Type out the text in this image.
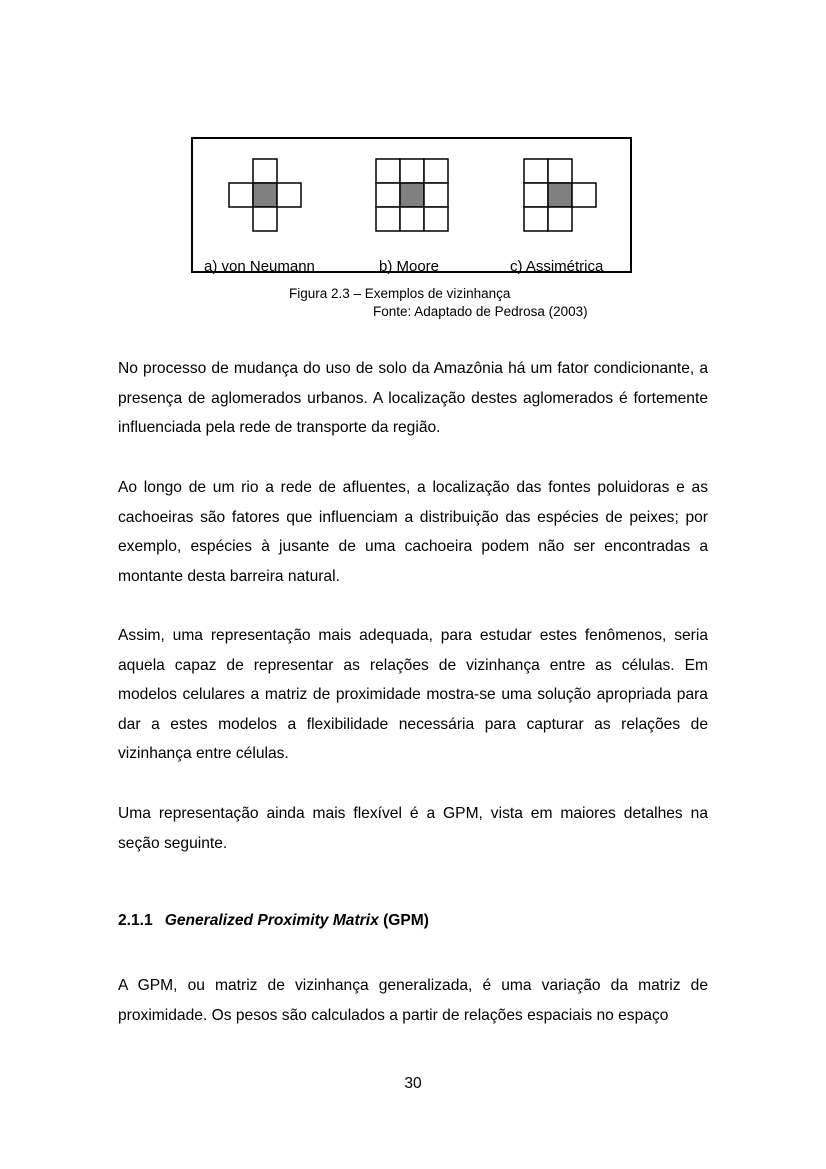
a) von Neumann	b) Moore	c) Assimétrica
Figura 2.3 – Exemplos de vizinhança
Fonte: Adaptado de Pedrosa (2003)

No processo de mudança do uso de solo da Amazônia há um fator condicionante, a presença de aglomerados urbanos. A localização destes aglomerados é fortemente influenciada pela rede de transporte da região.

Ao longo de um rio a rede de afluentes, a localização das fontes poluidoras e as cachoeiras são fatores que influenciam a distribuição das espécies de peixes; por exemplo, espécies à jusante de uma cachoeira podem não ser encontradas a montante desta barreira natural.

Assim, uma representação mais adequada, para estudar estes fenômenos, seria aquela capaz de representar as relações de vizinhança entre as células. Em modelos celulares a matriz de proximidade mostra-se uma solução apropriada para dar a estes modelos a flexibilidade necessária para capturar as relações de vizinhança entre células.

Uma representação ainda mais flexível é a GPM, vista em maiores detalhes na seção seguinte.

2.1.1 Generalized Proximity Matrix (GPM)

A GPM, ou matriz de vizinhança generalizada, é uma variação da matriz de proximidade. Os pesos são calculados a partir de relações espaciais no espaço

30
